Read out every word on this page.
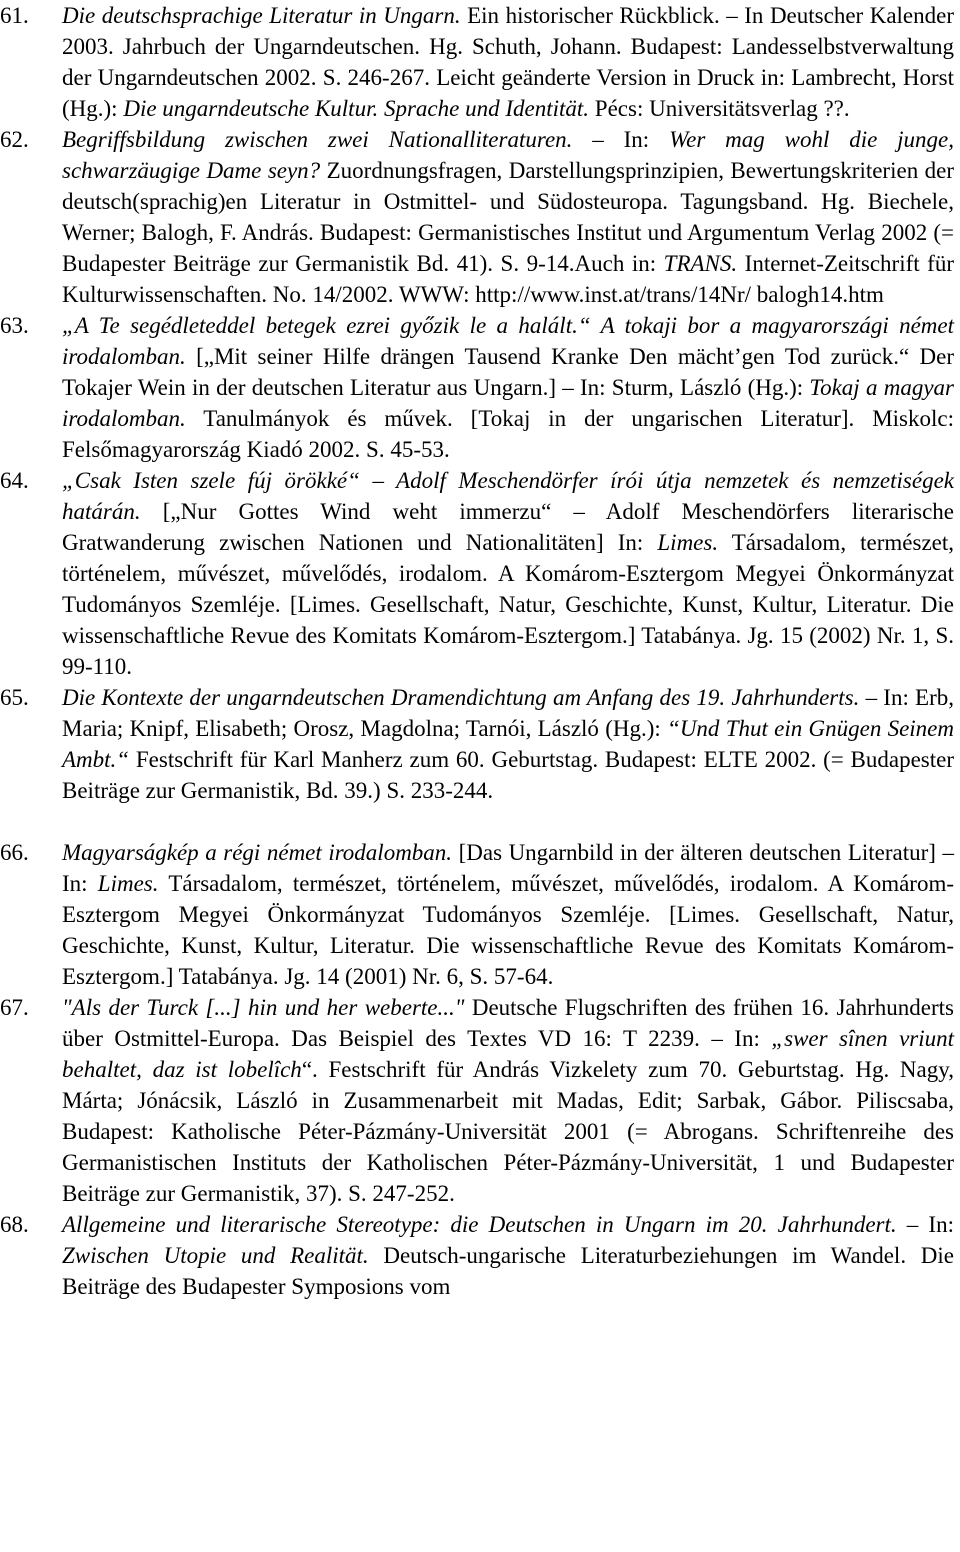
61.	Die deutschsprachige Literatur in Ungarn. Ein historischer Rückblick. – In Deutscher Kalender 2003. Jahrbuch der Ungarndeutschen. Hg. Schuth, Johann. Budapest: Landesselbstverwaltung der Ungarndeutschen 2002. S. 246-267. Leicht geänderte Version in Druck in: Lambrecht, Horst (Hg.): Die ungarndeutsche Kultur. Sprache und Identität. Pécs: Universitätsverlag ??.
62.	Begriffsbildung zwischen zwei Nationalliteraturen. – In: Wer mag wohl die junge, schwarzäugige Dame seyn? Zuordnungsfragen, Darstellungsprinzipien, Bewertungskriterien der deutsch(sprachig)en Literatur in Ostmittel- und Südosteuropa. Tagungsband. Hg. Biechele, Werner; Balogh, F. András. Budapest: Germanistisches Institut und Argumentum Verlag 2002 (= Budapester Beiträge zur Germanistik Bd. 41). S. 9-14.Auch in: TRANS. Internet-Zeitschrift für Kulturwissenschaften. No. 14/2002. WWW: http://www.inst.at/trans/14Nr/ balogh14.htm
63.	„A Te segédleteddel betegek ezrei győzik le a halált.“ A tokaji bor a magyarországi német irodalomban. [„Mit seiner Hilfe drängen Tausend Kranke Den mächt’gen Tod zurück.“ Der Tokajer Wein in der deutschen Literatur aus Ungarn.] – In: Sturm, László (Hg.): Tokaj a magyar irodalomban. Tanulmányok és művek. [Tokaj in der ungarischen Literatur]. Miskolc: Felsőmagyarország Kiadó 2002. S. 45-53.
64.	„Csak Isten szele fúj örökké“ – Adolf Meschendörfer írói útja nemzetek és nemzetiségek határán. [„Nur Gottes Wind weht immerzu“ – Adolf Meschendörfers literarische Gratwanderung zwischen Nationen und Nationalitäten] In: Limes. Társadalom, természet, történelem, művészet, művelődés, irodalom. A Komárom-Esztergom Megyei Önkormányzat Tudományos Szemléje. [Limes. Gesellschaft, Natur, Geschichte, Kunst, Kultur, Literatur. Die wissenschaftliche Revue des Komitats Komárom-Esztergom.] Tatabánya. Jg. 15 (2002) Nr. 1, S. 99-110.
65.	Die Kontexte der ungarndeutschen Dramendichtung am Anfang des 19. Jahrhunderts. – In: Erb, Maria; Knipf, Elisabeth; Orosz, Magdolna; Tarnói, László (Hg.): “Und Thut ein Gnügen Seinem Ambt.“ Festschrift für Karl Manherz zum 60. Geburtstag. Budapest: ELTE 2002. (= Budapester Beiträge zur Germanistik, Bd. 39.) S. 233-244.
66.	Magyarságkép a régi német irodalomban. [Das Ungarnbild in der älteren deutschen Literatur] – In: Limes. Társadalom, természet, történelem, művészet, művelődés, irodalom. A Komárom-Esztergom Megyei Önkormányzat Tudományos Szemléje. [Limes. Gesellschaft, Natur, Geschichte, Kunst, Kultur, Literatur. Die wissenschaftliche Revue des Komitats Komárom-Esztergom.] Tatabánya. Jg. 14 (2001) Nr. 6, S. 57-64.
67.	"Als der Turck [...] hin und her weberte..." Deutsche Flugschriften des frühen 16. Jahrhunderts über Ostmittel-Europa. Das Beispiel des Textes VD 16: T 2239. – In: „swer sînen vriunt behaltet, daz ist lobelîch“. Festschrift für András Vizkelety zum 70. Geburtstag. Hg. Nagy, Márta; Jónácsik, László in Zusammenarbeit mit Madas, Edit; Sarbak, Gábor. Piliscsaba, Budapest: Katholische Péter-Pázmány-Universität 2001 (= Abrogans. Schriftenreihe des Germanistischen Instituts der Katholischen Péter-Pázmány-Universität, 1 und Budapester Beiträge zur Germanistik, 37). S. 247-252.
68.	Allgemeine und literarische Stereotype: die Deutschen in Ungarn im 20. Jahrhundert. – In: Zwischen Utopie und Realität. Deutsch-ungarische Literaturbeziehungen im Wandel. Die Beiträge des Budapester Symposions vom
